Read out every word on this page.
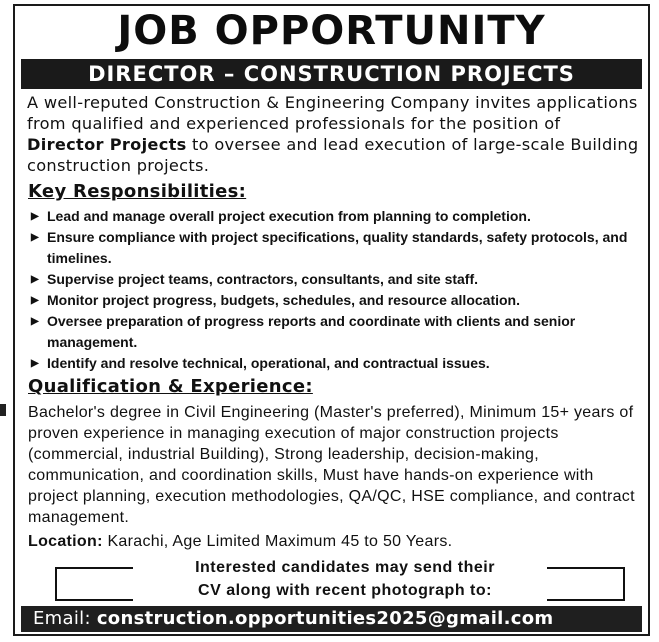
JOB OPPORTUNITY
DIRECTOR – CONSTRUCTION PROJECTS
A well-reputed Construction & Engineering Company invites applications from qualified and experienced professionals for the position of Director Projects to oversee and lead execution of large-scale Building construction projects.
Key Responsibilities:
▶ Lead and manage overall project execution from planning to completion.
▶ Ensure compliance with project specifications, quality standards, safety protocols, and timelines.
▶ Supervise project teams, contractors, consultants, and site staff.
▶ Monitor project progress, budgets, schedules, and resource allocation.
▶ Oversee preparation of progress reports and coordinate with clients and senior management.
▶ Identify and resolve technical, operational, and contractual issues.
Qualification & Experience:
Bachelor's degree in Civil Engineering (Master's preferred), Minimum 15+ years of proven experience in managing execution of major construction projects (commercial, industrial Building), Strong leadership, decision-making, communication, and coordination skills, Must have hands-on experience with project planning, execution methodologies, QA/QC, HSE compliance, and contract management.
Location: Karachi, Age Limited Maximum 45 to 50 Years.
Interested candidates may send their
CV along with recent photograph to:
Email: construction.opportunities2025@gmail.com
